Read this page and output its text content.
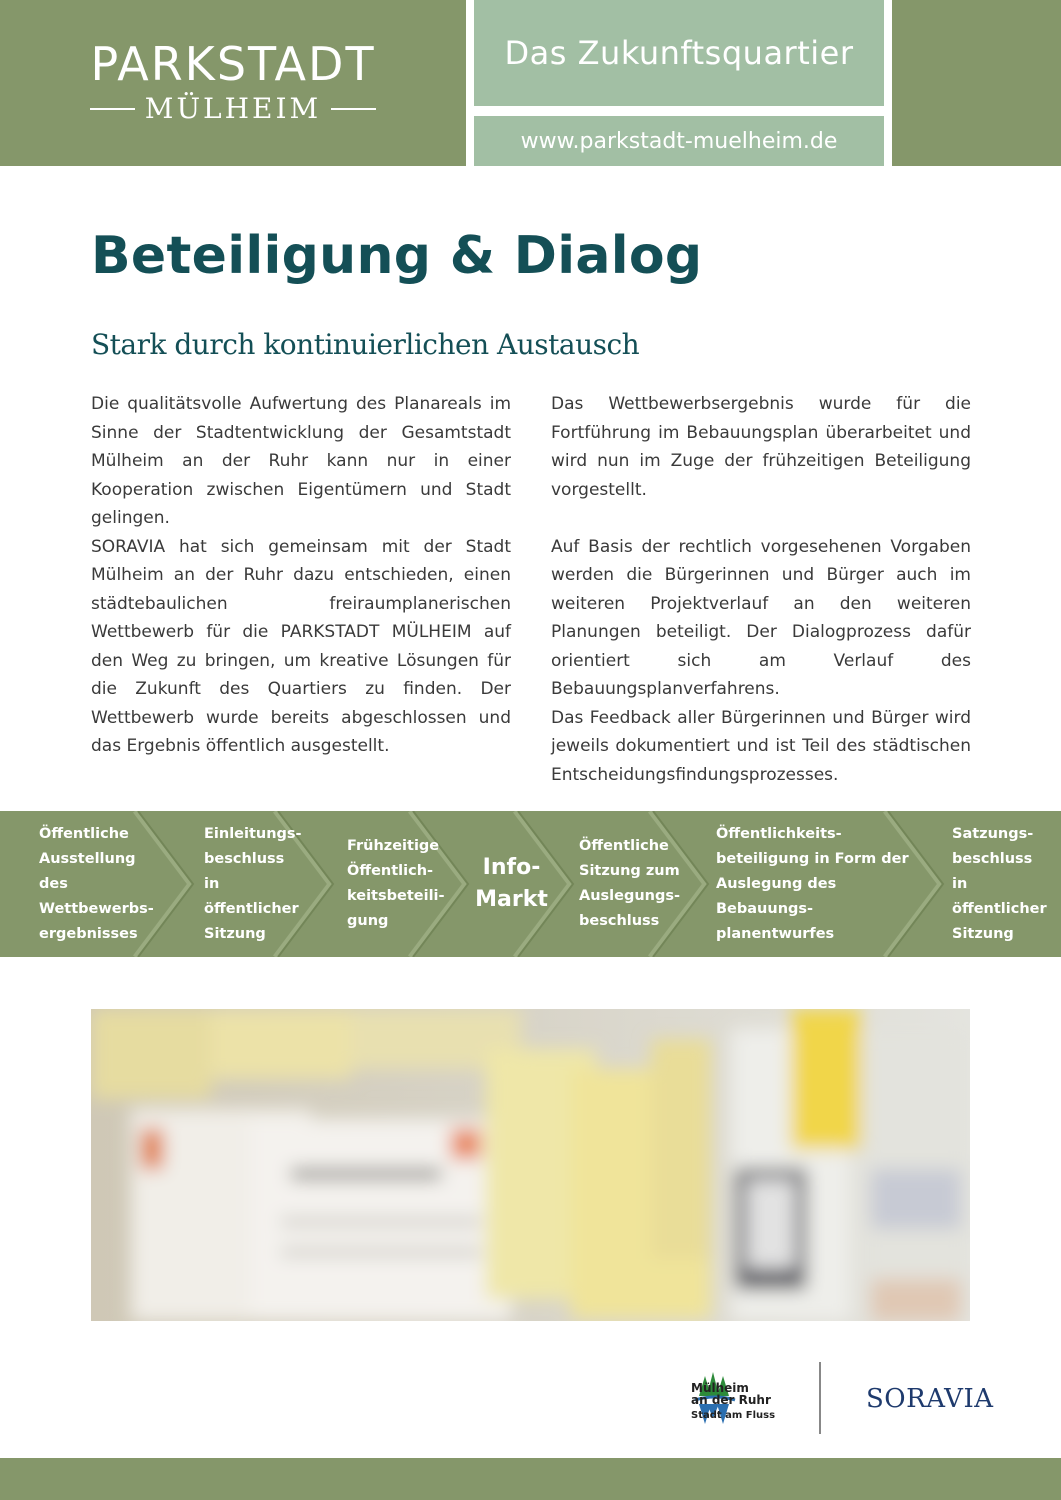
PARKSTADT
MÜLHEIM
Das Zukunftsquartier
www.parkstadt-muelheim.de
Beteiligung & Dialog
Stark durch kontinuierlichen Austausch

Die qualitätsvolle Aufwertung des Planareals im Sinne der Stadtentwicklung der Gesamtstadt Mülheim an der Ruhr kann nur in einer Kooperation zwischen Eigentümern und Stadt gelingen.

SORAVIA hat sich gemeinsam mit der Stadt Mülheim an der Ruhr dazu entschieden, einen städtebaulichen freiraumplanerischen Wettbewerb für die PARKSTADT MÜLHEIM auf den Weg zu bringen, um kreative Lösungen für die Zukunft des Quartiers zu finden. Der Wettbewerb wurde bereits abgeschlossen und das Ergebnis öffentlich ausgestellt.

Das Wettbewerbsergebnis wurde für die Fortführung im Bebauungsplan überarbeitet und wird nun im Zuge der frühzeitigen Beteiligung vorgestellt.

Auf Basis der rechtlich vorgesehenen Vorgaben werden die Bürgerinnen und Bürger auch im weiteren Projektverlauf an den weiteren Planungen beteiligt. Der Dialogprozess dafür orientiert sich am Verlauf des Bebauungsplanverfahrens.

Das Feedback aller Bürgerinnen und Bürger wird jeweils dokumentiert und ist Teil des städtischen Entscheidungsfindungsprozesses.

Öffentliche Ausstellung des Wettbewerbs-ergebnisses
Einleitungs-beschluss in öffentlicher Sitzung
Frühzeitige Öffentlich-keitsbeteili-gung
Info-Markt
Öffentliche Sitzung zum Auslegungs-beschluss
Öffentlichkeits-beteiligung in Form der Auslegung des Bebauungs-planentwurfes
Satzungs-beschluss in öffentlicher Sitzung
Mülheim
an der Ruhr
Stadt am Fluss
SORAVIA
